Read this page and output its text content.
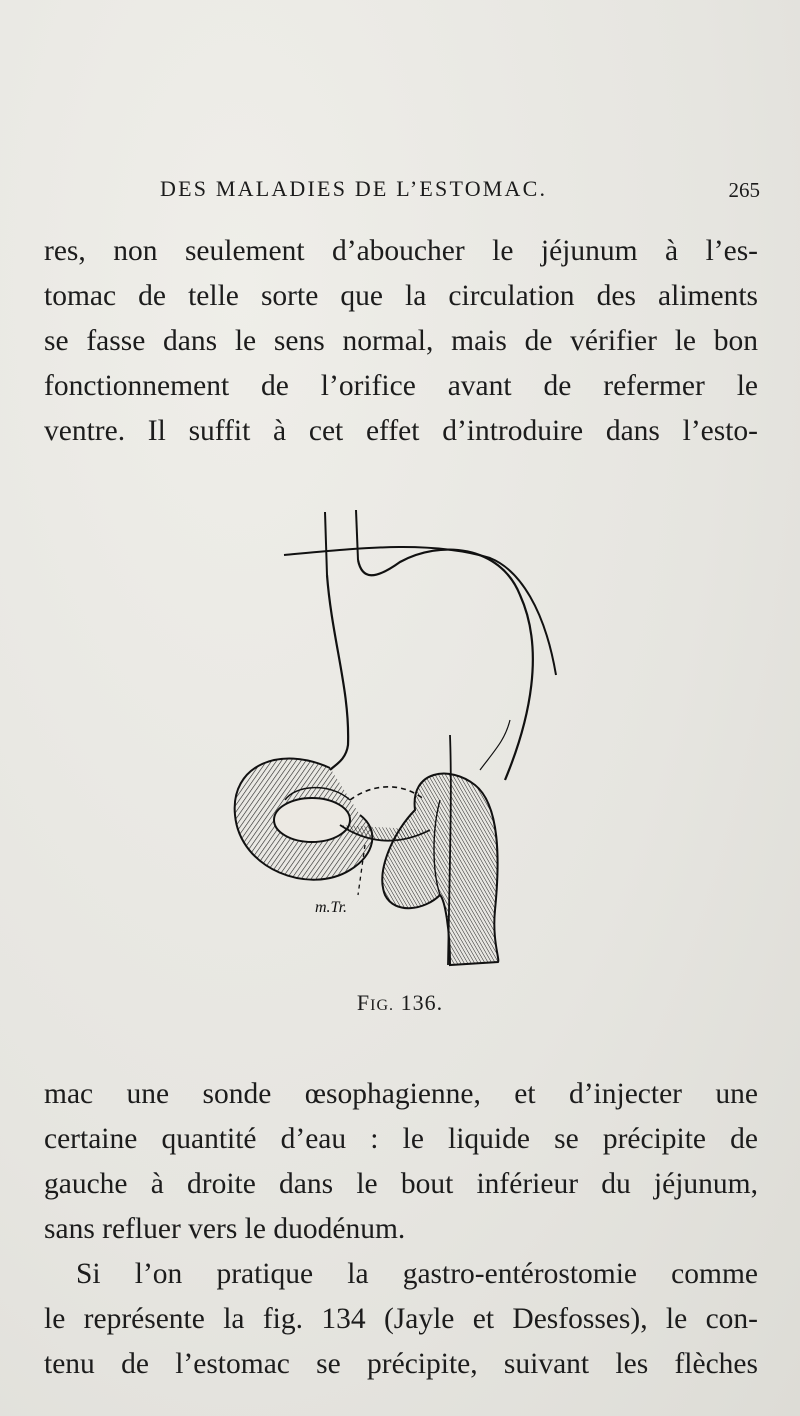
DES MALADIES DE L’ESTOMAC.	265
res, non seulement d’aboucher le jéjunum à l’es-
tomac de telle sorte que la circulation des aliments
se fasse dans le sens normal, mais de vérifier le bon
fonctionnement de l’orifice avant de refermer le
ventre. Il suffit à cet effet d’introduire dans l’esto-
m.Tr.
FIG. 136.
mac une sonde œsophagienne, et d’injecter une
certaine quantité d’eau : le liquide se précipite de
gauche à droite dans le bout inférieur du jéjunum,
sans refluer vers le duodénum.
Si l’on pratique la gastro-entérostomie comme
le représente la fig. 134 (Jayle et Desfosses), le con-
tenu de l’estomac se précipite, suivant les flèches
